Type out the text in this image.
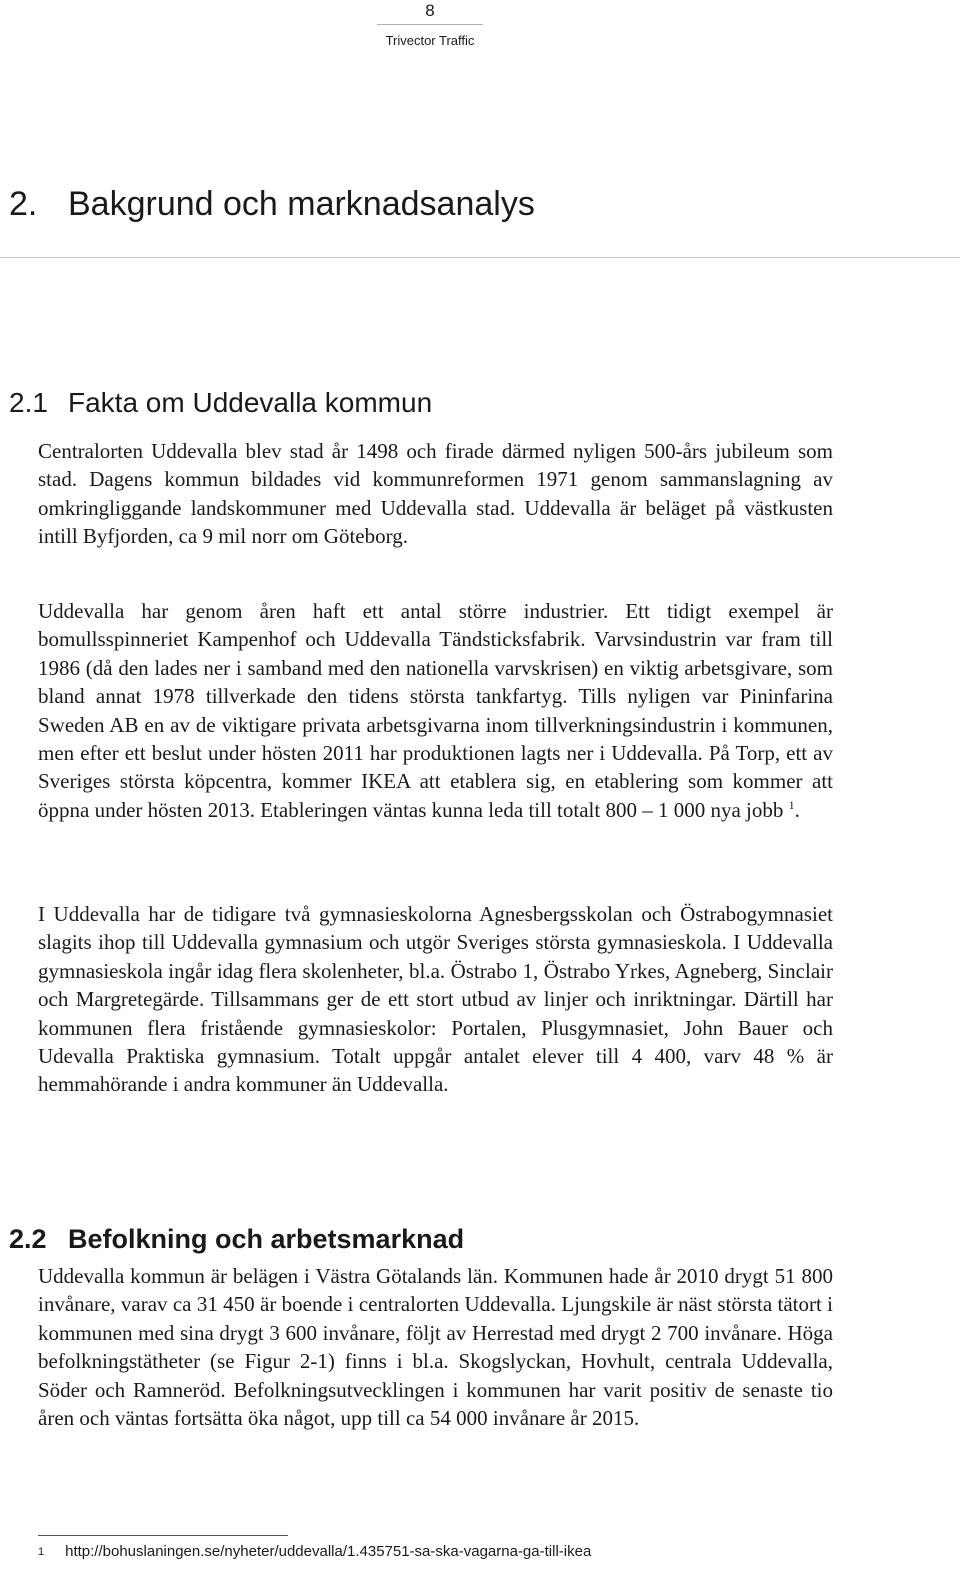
8
Trivector Traffic
2. Bakgrund och marknadsanalys
2.1 Fakta om Uddevalla kommun

Centralorten Uddevalla blev stad år 1498 och firade därmed nyligen 500-års jubileum som stad. Dagens kommun bildades vid kommunreformen 1971 genom sammanslagning av omkringliggande landskommuner med Uddevalla stad. Uddevalla är beläget på västkusten intill Byfjorden, ca 9 mil norr om Göteborg.

Uddevalla har genom åren haft ett antal större industrier. Ett tidigt exempel är bomullsspinneriet Kampenhof och Uddevalla Tändsticksfabrik. Varvsindustrin var fram till 1986 (då den lades ner i samband med den nationella varvskrisen) en viktig arbetsgivare, som bland annat 1978 tillverkade den tidens största tankfartyg. Tills nyligen var Pininfarina Sweden AB en av de viktigare privata arbetsgivarna inom tillverkningsindustrin i kommunen, men efter ett beslut under hösten 2011 har produktionen lagts ner i Uddevalla. På Torp, ett av Sveriges största köpcentra, kommer IKEA att etablera sig, en etablering som kommer att öppna under hösten 2013. Etableringen väntas kunna leda till totalt 800 – 1 000 nya jobb $^1$.

I Uddevalla har de tidigare två gymnasieskolorna Agnesbergsskolan och Östrabogymnasiet slagits ihop till Uddevalla gymnasium och utgör Sveriges största gymnasieskola. I Uddevalla gymnasieskola ingår idag flera skolenheter, bl.a. Östrabo 1, Östrabo Yrkes, Agneberg, Sinclair och Margretegärde. Tillsammans ger de ett stort utbud av linjer och inriktningar. Därtill har kommunen flera fristående gymnasieskolor: Portalen, Plusgymnasiet, John Bauer och Udevalla Praktiska gymnasium. Totalt uppgår antalet elever till 4 400, varv 48 % är hemmahörande i andra kommuner än Uddevalla.

2.2 Befolkning och arbetsmarknad

Uddevalla kommun är belägen i Västra Götalands län. Kommunen hade år 2010 drygt 51 800 invånare, varav ca 31 450 är boende i centralorten Uddevalla. Ljungskile är näst största tätort i kommunen med sina drygt 3 600 invånare, följt av Herrestad med drygt 2 700 invånare. Höga befolkningstätheter (se Figur 2-1) finns i bl.a. Skogslyckan, Hovhult, centrala Uddevalla, Söder och Ramneröd. Befolkningsutvecklingen i kommunen har varit positiv de senaste tio åren och väntas fortsätta öka något, upp till ca 54 000 invånare år 2015.

$^1$ http://bohuslaningen.se/nyheter/uddevalla/1.435751-sa-ska-vagarna-ga-till-ikea
